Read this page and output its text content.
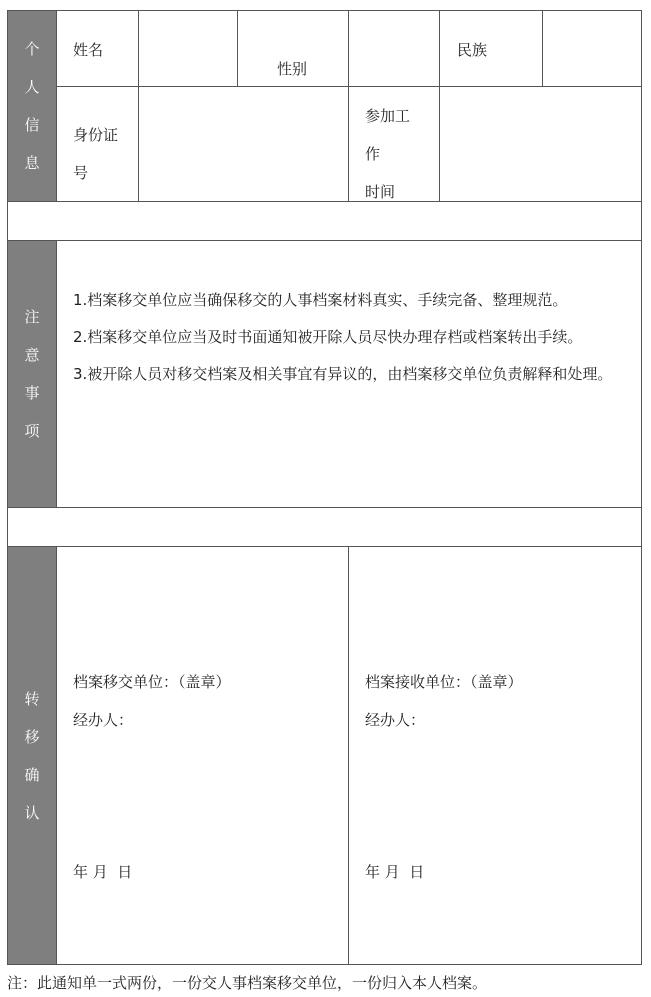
个人信息
注意事项
转移确认
姓名
性别
民族
身份证
号
参加工
作
时间

1.档案移交单位应当确保移交的人事档案材料真实、手续完备、整理规范。

2.档案移交单位应当及时书面通知被开除人员尽快办理存档或档案转出手续。

3.被开除人员对移交档案及相关事宜有异议的，由档案移交单位负责解释和处理。

档案移交单位：（盖章）
经办人：
年 月  日
档案接收单位：（盖章）
经办人：
年 月  日
注：此通知单一式两份，一份交人事档案移交单位，一份归入本人档案。
